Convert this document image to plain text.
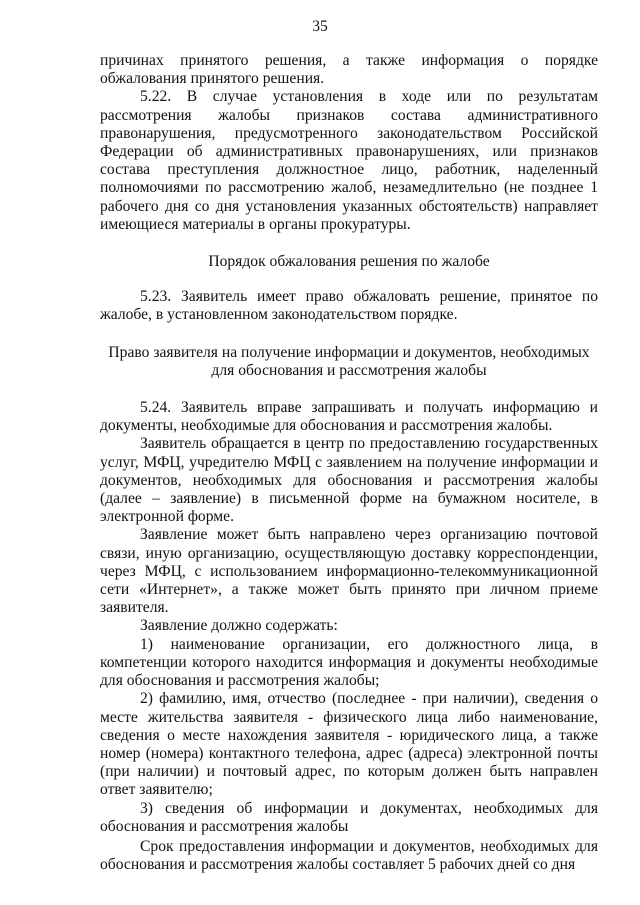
35

причинах принятого решения, а также информация о порядке обжалования принятого решения.

5.22. В случае установления в ходе или по результатам рассмотрения жалобы признаков состава административного правонарушения, предусмотренного законодательством Российской Федерации об административных правонарушениях, или признаков состава преступления должностное лицо, работник, наделенный полномочиями по рассмотрению жалоб, незамедлительно (не позднее 1 рабочего дня со дня установления указанных обстоятельств) направляет имеющиеся материалы в органы прокуратуры.

Порядок обжалования решения по жалобе

5.23. Заявитель имеет право обжаловать решение, принятое по жалобе, в установленном законодательством порядке.

Право заявителя на получение информации и документов, необходимых для обоснования и рассмотрения жалобы

5.24. Заявитель вправе запрашивать и получать информацию и документы, необходимые для обоснования и рассмотрения жалобы.

Заявитель обращается в центр по предоставлению государственных услуг, МФЦ, учредителю МФЦ с заявлением на получение информации и документов, необходимых для обоснования и рассмотрения жалобы (далее – заявление) в письменной форме на бумажном носителе, в электронной форме.

Заявление может быть направлено через организацию почтовой связи, иную организацию, осуществляющую доставку корреспонденции, через МФЦ, с использованием информационно-телекоммуникационной сети «Интернет», а также может быть принято при личном приеме заявителя.

Заявление должно содержать:

1) наименование организации, его должностного лица, в компетенции которого находится информация и документы необходимые для обоснования и рассмотрения жалобы;

2) фамилию, имя, отчество (последнее - при наличии), сведения о месте жительства заявителя - физического лица либо наименование, сведения о месте нахождения заявителя - юридического лица, а также номер (номера) контактного телефона, адрес (адреса) электронной почты (при наличии) и почтовый адрес, по которым должен быть направлен ответ заявителю;

3) сведения об информации и документах, необходимых для обоснования и рассмотрения жалобы

Срок предоставления информации и документов, необходимых для обоснования и рассмотрения жалобы составляет 5 рабочих дней со дня
